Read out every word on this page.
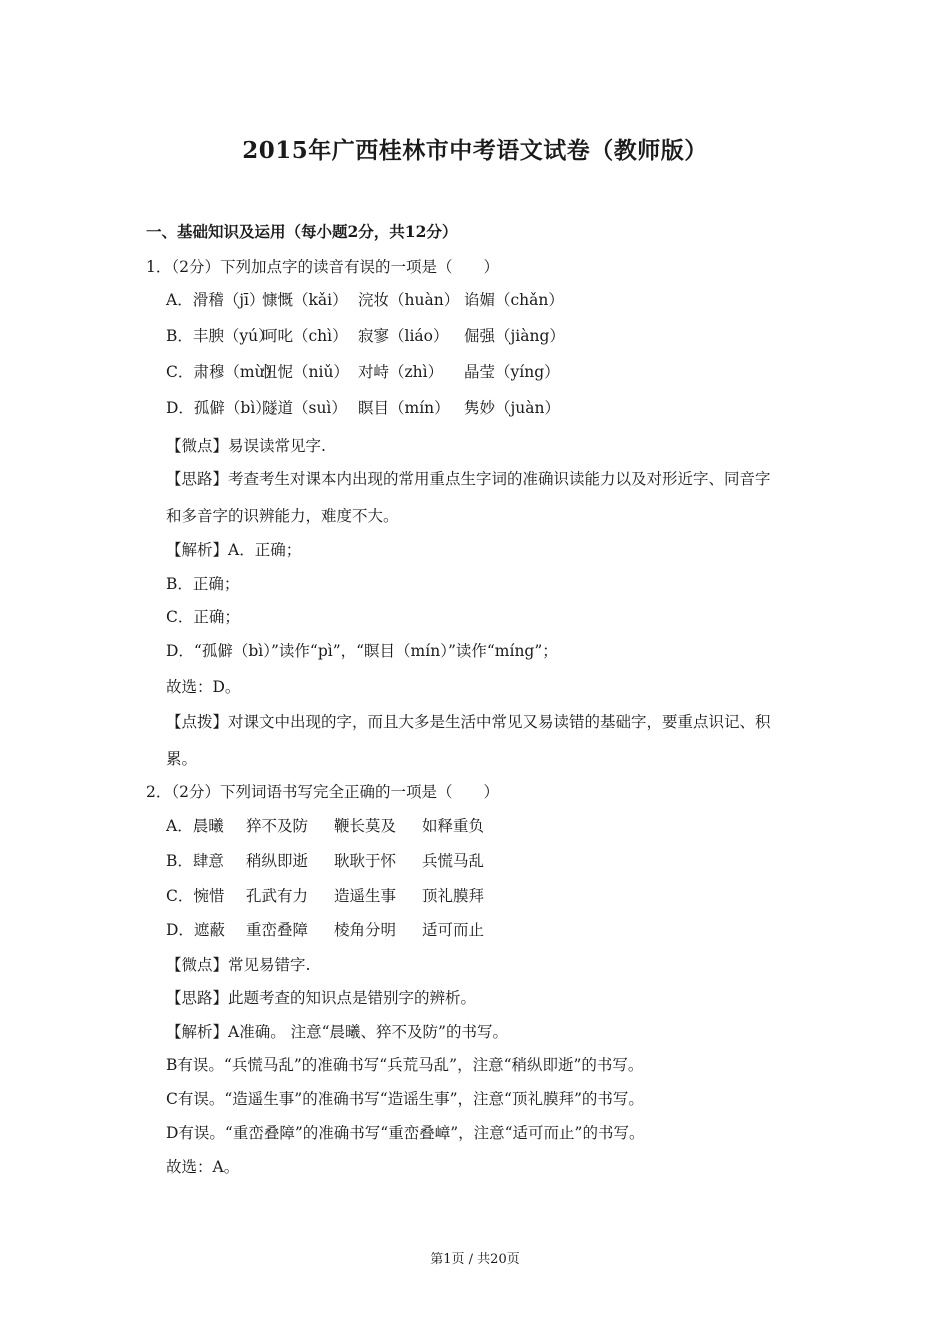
2015年广西桂林市中考语文试卷（教师版）
一、基础知识及运用（每小题2分，共12分）
1．（2分）下列加点字的读音有误的一项是（　　）
A．滑稽（jī）慷慨（kǎi） 浣妆（huàn） 谄媚（chǎn）
B．丰腴（yú）呵叱（chì） 寂寥（liáo） 倔强（jiàng）
C．肃穆（mù）忸怩（niǔ） 对峙（zhì） 晶莹（yíng）
D．孤僻（bì）隧道（suì） 瞑目（mín） 隽妙（juàn）
【微点】易误读常见字.
【思路】考查考生对课本内出现的常用重点生字词的准确识读能力以及对形近字、同音字
和多音字的识辨能力，难度不大。
【解析】A．正确；
B．正确；
C．正确；
D．“孤僻（bì）”读作“pì”，“瞑目（mín）”读作“míng”；
故选：D。
【点拨】对课文中出现的字，而且大多是生活中常见又易读错的基础字，要重点识记、积
累。
2．（2分）下列词语书写完全正确的一项是（　　）
A．晨曦 猝不及防 鞭长莫及 如释重负
B．肆意 稍纵即逝 耿耿于怀 兵慌马乱
C．惋惜 孔武有力 造遥生事 顶礼膜拜
D．遮蔽 重峦叠障 棱角分明 适可而止
【微点】常见易错字.
【思路】此题考查的知识点是错别字的辨析。
【解析】A准确。 注意“晨曦、猝不及防”的书写。
B有误。“兵慌马乱”的准确书写“兵荒马乱”，注意“稍纵即逝”的书写。
C有误。“造遥生事”的准确书写“造谣生事”，注意“顶礼膜拜”的书写。
D有误。“重峦叠障”的准确书写“重峦叠嶂”，注意“适可而止”的书写。
故选：A。
第1页 / 共20页
